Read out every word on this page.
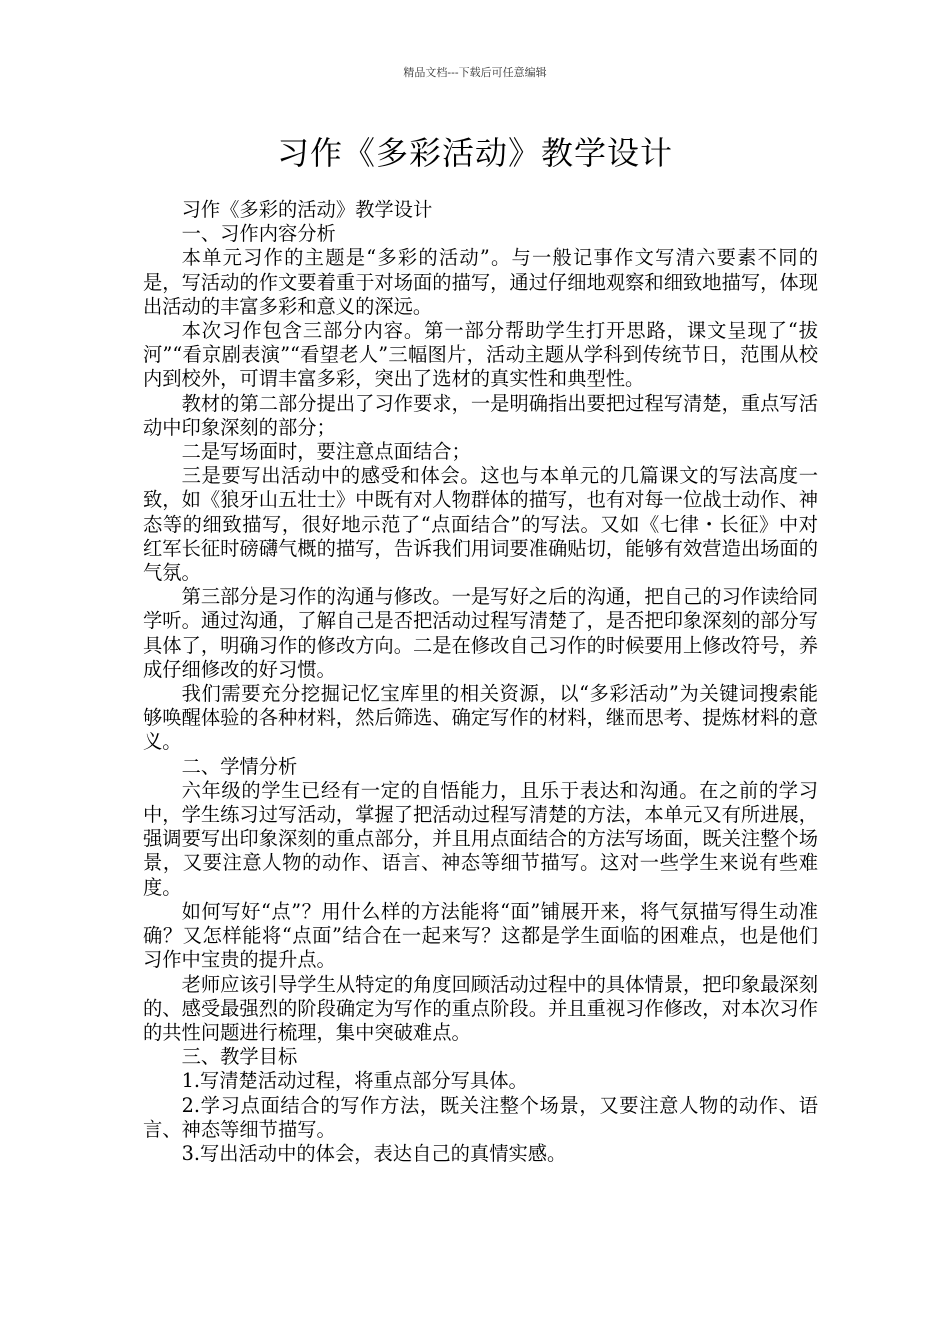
精品文档---下载后可任意编辑
习作《多彩活动》教学设计

习作《多彩的活动》教学设计

一、习作内容分析

本单元习作的主题是“多彩的活动”。与一般记事作文写清六要素不同的是，写活动的作文要着重于对场面的描写，通过仔细地观察和细致地描写，体现出活动的丰富多彩和意义的深远。

本次习作包含三部分内容。第一部分帮助学生打开思路，课文呈现了“拔河”“看京剧表演”“看望老人”三幅图片，活动主题从学科到传统节日，范围从校内到校外，可谓丰富多彩，突出了选材的真实性和典型性。

教材的第二部分提出了习作要求，一是明确指出要把过程写清楚，重点写活动中印象深刻的部分；

二是写场面时，要注意点面结合；

三是要写出活动中的感受和体会。这也与本单元的几篇课文的写法高度一致，如《狼牙山五壮士》中既有对人物群体的描写，也有对每一位战士动作、神态等的细致描写，很好地示范了“点面结合”的写法。又如《七律・长征》中对红军长征时磅礴气概的描写，告诉我们用词要准确贴切，能够有效营造出场面的气氛。

第三部分是习作的沟通与修改。一是写好之后的沟通，把自己的习作读给同学听。通过沟通，了解自己是否把活动过程写清楚了，是否把印象深刻的部分写具体了，明确习作的修改方向。二是在修改自己习作的时候要用上修改符号，养成仔细修改的好习惯。

我们需要充分挖掘记忆宝库里的相关资源，以“多彩活动”为关键词搜索能够唤醒体验的各种材料，然后筛选、确定写作的材料，继而思考、提炼材料的意义。

二、学情分析

六年级的学生已经有一定的自悟能力，且乐于表达和沟通。在之前的学习中，学生练习过写活动，掌握了把活动过程写清楚的方法，本单元又有所进展，强调要写出印象深刻的重点部分，并且用点面结合的方法写场面，既关注整个场景，又要注意人物的动作、语言、神态等细节描写。这对一些学生来说有些难度。

如何写好“点”？用什么样的方法能将“面”铺展开来，将气氛描写得生动准确？又怎样能将“点面”结合在一起来写？这都是学生面临的困难点，也是他们习作中宝贵的提升点。

老师应该引导学生从特定的角度回顾活动过程中的具体情景，把印象最深刻的、感受最强烈的阶段确定为写作的重点阶段。并且重视习作修改，对本次习作的共性问题进行梳理，集中突破难点。

三、教学目标

1.写清楚活动过程，将重点部分写具体。

2.学习点面结合的写作方法，既关注整个场景，又要注意人物的动作、语言、神态等细节描写。

3.写出活动中的体会，表达自己的真情实感。
